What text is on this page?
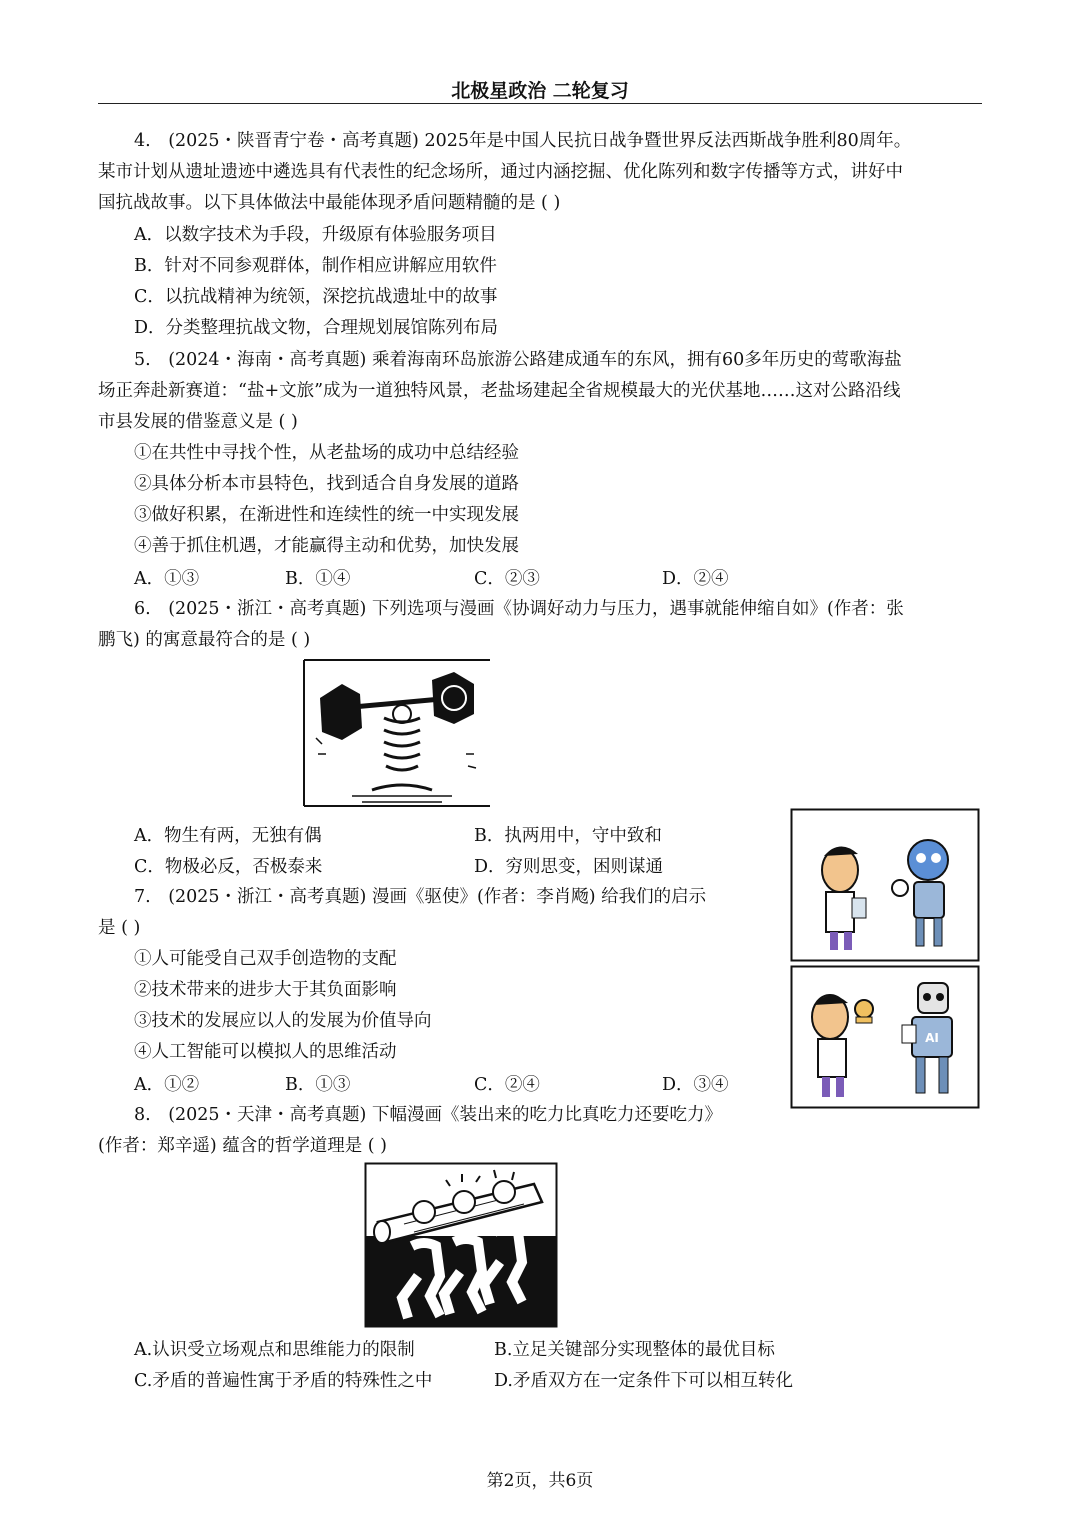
北极星政治 二轮复习
4.　(2025・陕晋青宁卷・高考真题) 2025年是中国人民抗日战争暨世界反法西斯战争胜利80周年。
某市计划从遗址遗迹中遴选具有代表性的纪念场所，通过内涵挖掘、优化陈列和数字传播等方式，讲好中
国抗战故事。以下具体做法中最能体现矛盾问题精髓的是 ( )
A．以数字技术为手段，升级原有体验服务项目
B．针对不同参观群体，制作相应讲解应用软件
C．以抗战精神为统领，深挖抗战遗址中的故事
D．分类整理抗战文物，合理规划展馆陈列布局
5.　(2024・海南・高考真题) 乘着海南环岛旅游公路建成通车的东风，拥有60多年历史的莺歌海盐
场正奔赴新赛道：“盐+文旅”成为一道独特风景，老盐场建起全省规模最大的光伏基地……这对公路沿线
市县发展的借鉴意义是 ( )
①在共性中寻找个性，从老盐场的成功中总结经验
②具体分析本市县特色，找到适合自身发展的道路
③做好积累，在渐进性和连续性的统一中实现发展
④善于抓住机遇，才能赢得主动和优势，加快发展
A．①③	B．①④	C．②③	D．②④
6.　(2025・浙江・高考真题) 下列选项与漫画《协调好动力与压力，遇事就能伸缩自如》(作者：张
鹏飞) 的寓意最符合的是 ( )
A．物生有两，无独有偶	B．执两用中，守中致和
C．物极必反，否极泰来	D．穷则思变，困则谋通
AI
7.　(2025・浙江・高考真题) 漫画《驱使》(作者：李肖飏) 给我们的启示
是 ( )
①人可能受自己双手创造物的支配
②技术带来的进步大于其负面影响
③技术的发展应以人的发展为价值导向
④人工智能可以模拟人的思维活动
A．①②	B．①③	C．②④	D．③④
8.　(2025・天津・高考真题) 下幅漫画《装出来的吃力比真吃力还要吃力》
(作者：郑辛遥) 蕴含的哲学道理是 ( )
A.认识受立场观点和思维能力的限制	B.立足关键部分实现整体的最优目标
C.矛盾的普遍性寓于矛盾的特殊性之中	D.矛盾双方在一定条件下可以相互转化
第2页，共6页
